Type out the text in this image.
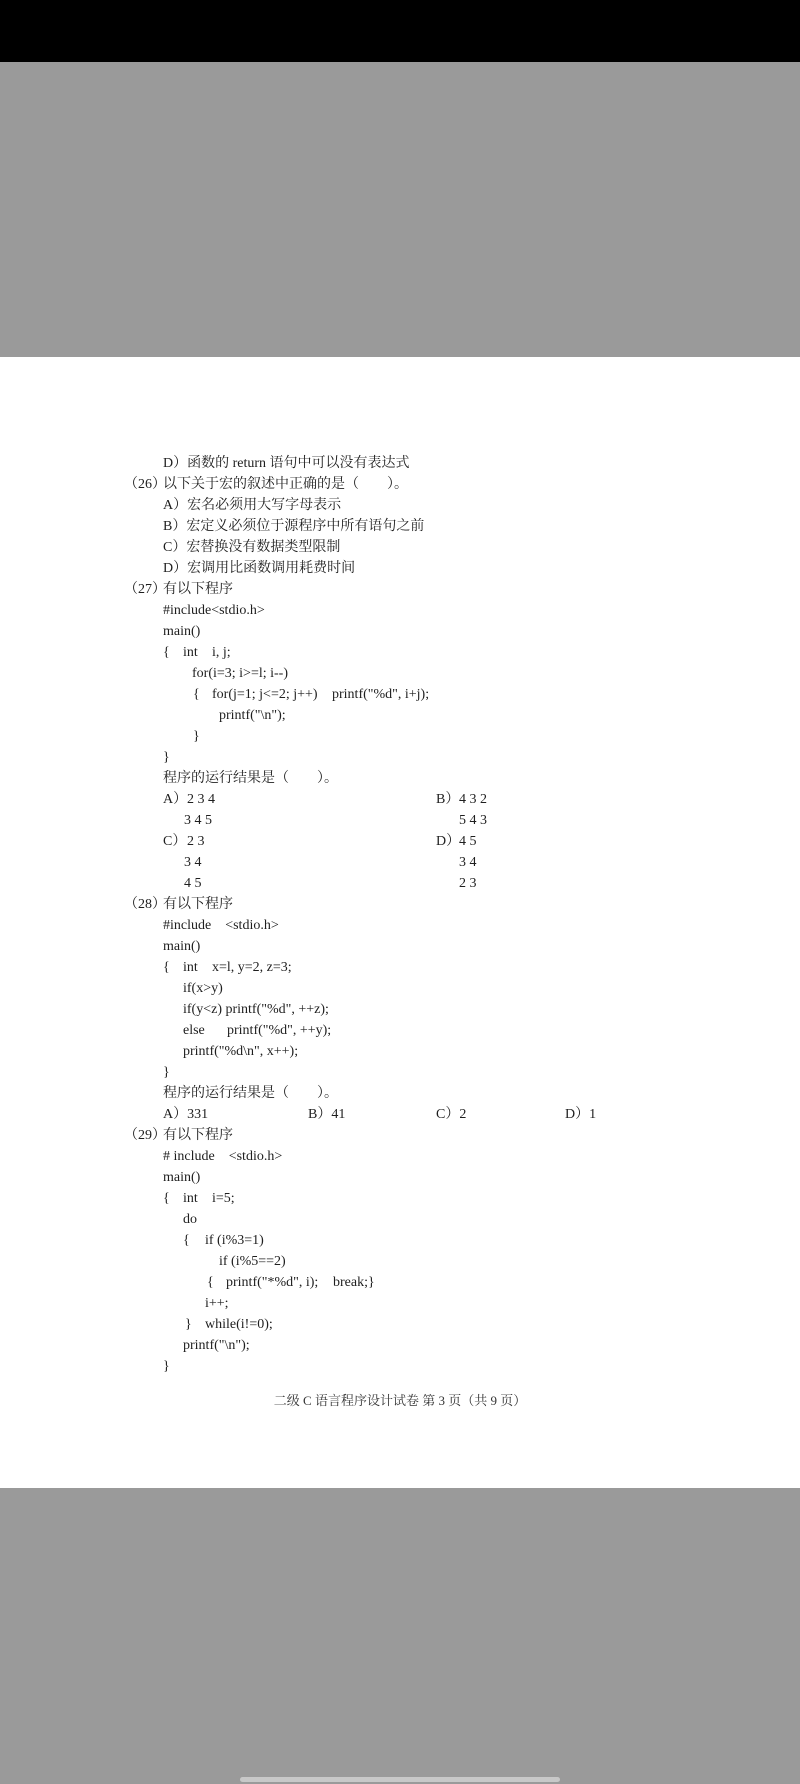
D）函数的 return 语句中可以没有表达式
（26）
以下关于宏的叙述中正确的是（　　）。
A）宏名必须用大写字母表示
B）宏定义必须位于源程序中所有语句之前
C）宏替换没有数据类型限制
D）宏调用比函数调用耗费时间
（27）
有以下程序
#include<stdio.h>
main()
{ int i, j;
for(i=3; i>=l; i--)
{ for(j=1; j<=2; j++) printf("%d", i+j);
printf("\n");
}
}
程序的运行结果是（　　）。
A） 2 3 4
3 4 5
B） 4 3 2
5 4 3
C） 2 3
3 4
4 5
D）
4 5
3 4
2 3
（28）
有以下程序
#include    <stdio.h>
main()
{ int x=l, y=2, z=3;
if(x>y)
if(y<z) printf("%d", ++z);
else printf("%d", ++y);
printf("%d\n", x++);
}
程序的运行结果是（　　）。
A）331	B）41	C）2	D）1
（29）
有以下程序
# include    <stdio.h>
main()
{ int i=5;
do
{ if (i%3=1)
if (i%5==2)
{ printf("*%d", i); break;}
i++;
} while(i!=0);
printf("\n");
}
二级 C 语言程序设计试卷 第 3 页（共 9 页）
